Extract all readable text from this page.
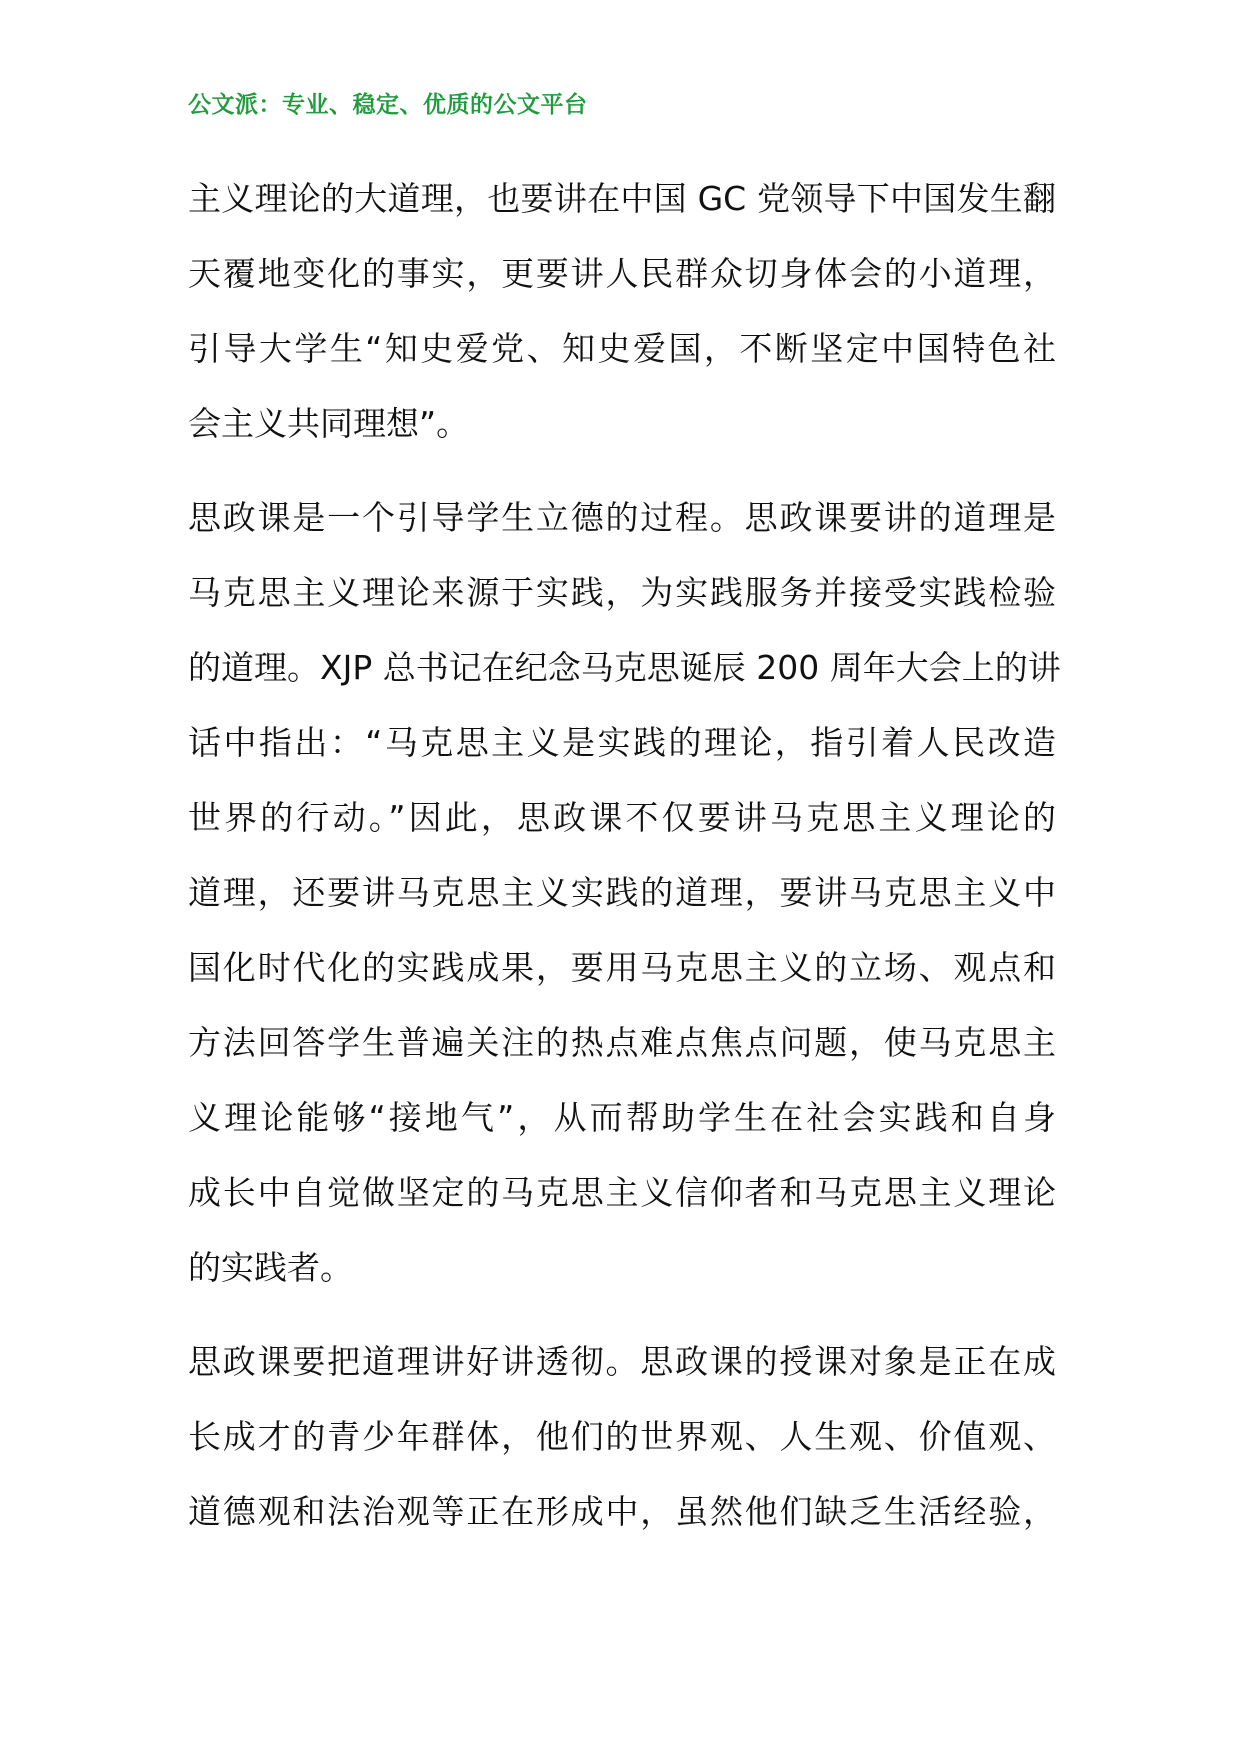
公文派：专业、稳定、优质的公文平台
主义理论的大道理，也要讲在中国 GC 党领导下中国发生翻
天覆地变化的事实，更要讲人民群众切身体会的小道理，
引导大学生“知史爱党、知史爱国，不断坚定中国特色社
会主义共同理想”。
思政课是一个引导学生立德的过程。思政课要讲的道理是
马克思主义理论来源于实践，为实践服务并接受实践检验
的道理。XJP 总书记在纪念马克思诞辰 200 周年大会上的讲
话中指出：“马克思主义是实践的理论，指引着人民改造
世界的行动。”因此，思政课不仅要讲马克思主义理论的
道理，还要讲马克思主义实践的道理，要讲马克思主义中
国化时代化的实践成果，要用马克思主义的立场、观点和
方法回答学生普遍关注的热点难点焦点问题，使马克思主
义理论能够“接地气”，从而帮助学生在社会实践和自身
成长中自觉做坚定的马克思主义信仰者和马克思主义理论
的实践者。
思政课要把道理讲好讲透彻。思政课的授课对象是正在成
长成才的青少年群体，他们的世界观、人生观、价值观、
道德观和法治观等正在形成中，虽然他们缺乏生活经验，
